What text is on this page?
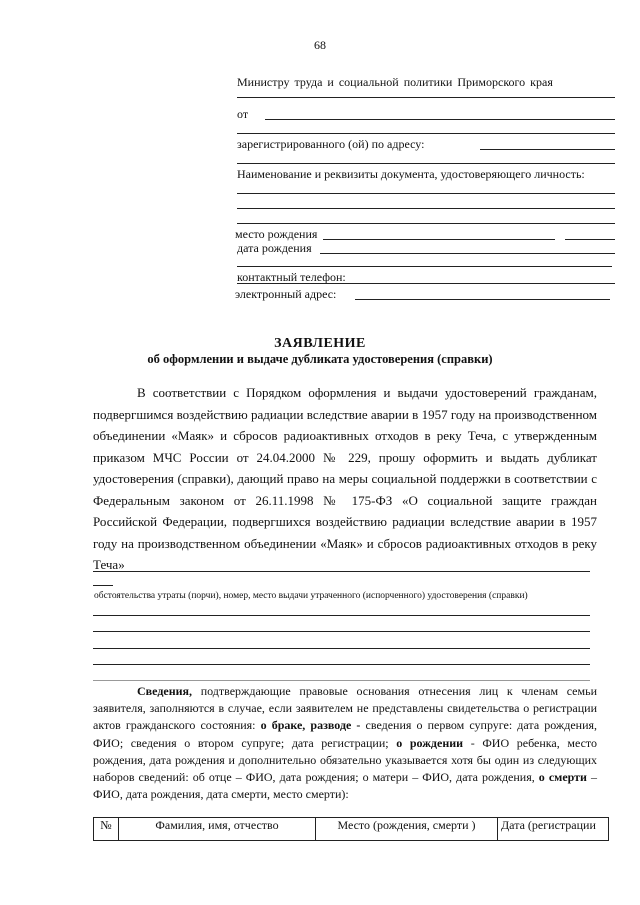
68
Министру труда и социальной политики Приморского края
от
зарегистрированного (ой) по адресу:
Наименование и реквизиты документа, удостоверяющего личность:
место рождения
дата рождения
контактный телефон:
электронный адрес:
ЗАЯВЛЕНИЕ
об оформлении и выдаче дубликата удостоверения (справки)
В соответствии с Порядком оформления и выдачи удостоверений гражданам, подвергшимся воздействию радиации вследствие аварии в 1957 году на производственном объединении «Маяк» и сбросов радиоактивных отходов в реку Теча, с утвержденным приказом МЧС России от 24.04.2000 № 229, прошу оформить и выдать дубликат удостоверения (справки), дающий право на меры социальной поддержки в соответствии с Федеральным законом от 26.11.1998 № 175-ФЗ «О социальной защите граждан Российской Федерации, подвергшихся воздействию радиации вследствие аварии в 1957 году на производственном объединении «Маяк» и сбросов радиоактивных отходов в реку Теча»
обстоятельства утраты (порчи), номер, место выдачи утраченного (испорченного) удостоверения (справки)
Сведения, подтверждающие правовые основания отнесения лиц к членам семьи заявителя, заполняются в случае, если заявителем не представлены свидетельства о регистрации актов гражданского состояния: о браке, разводе - сведения о первом супруге: дата рождения, ФИО; сведения о втором супруге; дата регистрации; о рождении - ФИО ребенка, место рождения, дата рождения и дополнительно обязательно указывается хотя бы один из следующих наборов сведений: об отце – ФИО, дата рождения; о матери – ФИО, дата рождения, о смерти – ФИО, дата рождения, дата смерти, место смерти):
№	Фамилия, имя, отчество	Место (рождения, смерти )	Дата (регистрации
